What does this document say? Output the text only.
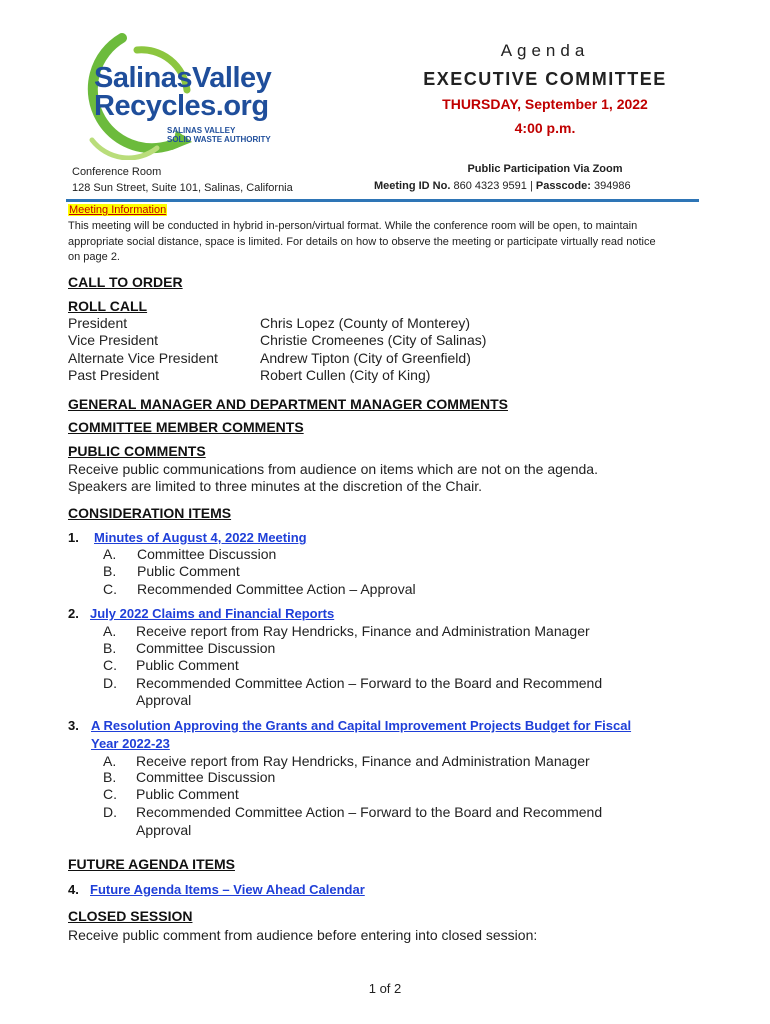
SalinasValley
Recycles.org
SALINAS VALLEY
SOLID WASTE AUTHORITY
Agenda
EXECUTIVE COMMITTEE
THURSDAY, September 1, 2022
4:00 p.m.
Conference Room
128 Sun Street, Suite 101, Salinas, California
Public Participation Via Zoom
Meeting ID No. 860 4323 9591 | Passcode: 394986
Meeting Information
This meeting will be conducted in hybrid in-person/virtual format. While the conference room will be open, to maintain
appropriate social distance, space is limited. For details on how to observe the meeting or participate virtually read notice
on page 2.
CALL TO ORDER
ROLL CALL
President	Chris Lopez (County of Monterey)
Vice President	Christie Cromeenes (City of Salinas)
Alternate Vice President	Andrew Tipton (City of Greenfield)
Past President	Robert Cullen (City of King)
GENERAL MANAGER AND DEPARTMENT MANAGER COMMENTS
COMMITTEE MEMBER COMMENTS
PUBLIC COMMENTS
Receive public communications from audience on items which are not on the agenda.
Speakers are limited to three minutes at the discretion of the Chair.
CONSIDERATION ITEMS
1. Minutes of August 4, 2022 Meeting
A. Committee Discussion
B. Public Comment
C. Recommended Committee Action – Approval
2. July 2022 Claims and Financial Reports
A. Receive report from Ray Hendricks, Finance and Administration Manager
B. Committee Discussion
C. Public Comment
D. Recommended Committee Action – Forward to the Board and Recommend
Approval
3. A Resolution Approving the Grants and Capital Improvement Projects Budget for Fiscal
Year 2022-23
A. Receive report from Ray Hendricks, Finance and Administration Manager
B. Committee Discussion
C. Public Comment
D. Recommended Committee Action – Forward to the Board and Recommend
Approval
FUTURE AGENDA ITEMS
4. Future Agenda Items – View Ahead Calendar
CLOSED SESSION
Receive public comment from audience before entering into closed session:
1 of 2
